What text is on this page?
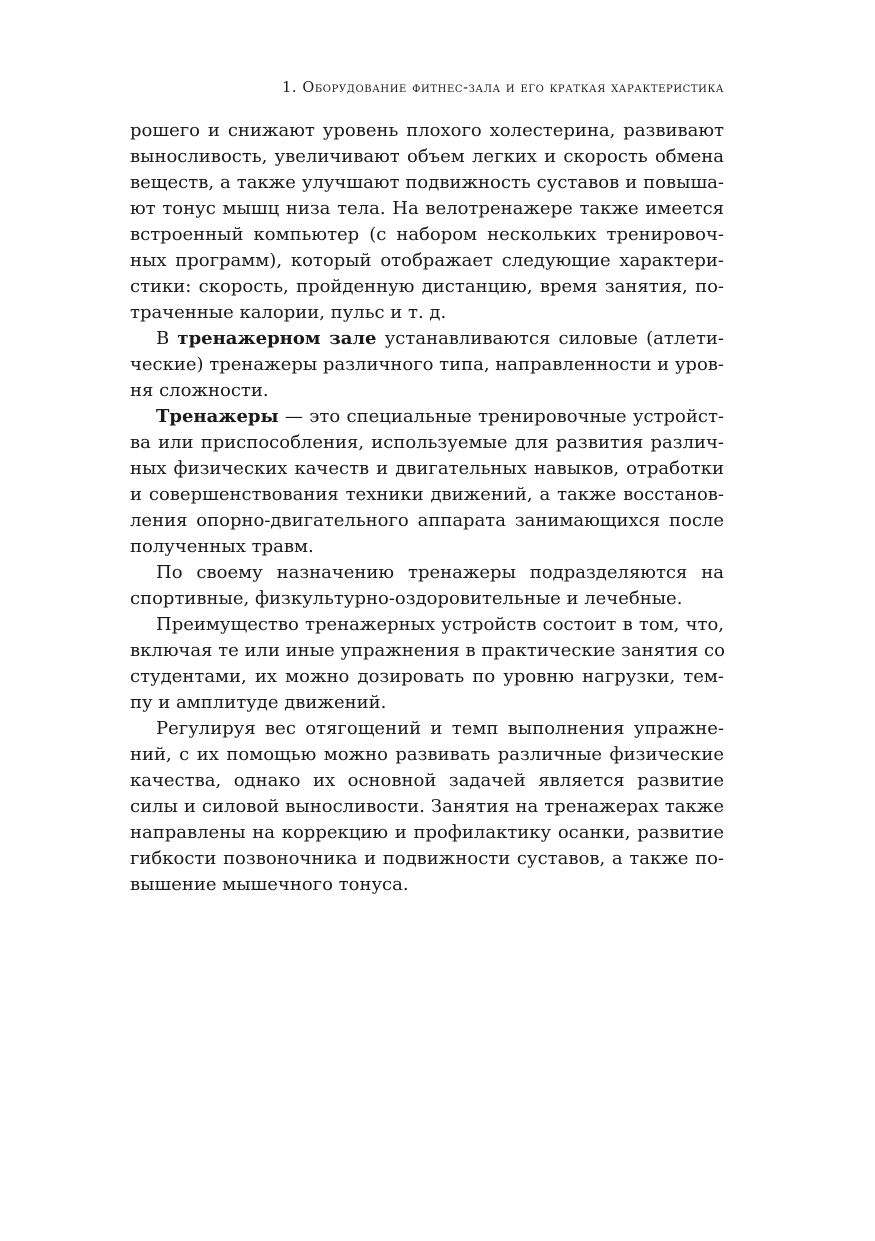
1. Оборудование фитнес-зала и его краткая характеристика
рошего и снижают уровень плохого холестерина, развивают
выносливость, увеличивают объем легких и скорость обмена
веществ, а также улучшают подвижность суставов и повыша-
ют тонус мышц низа тела. На велотренажере также имеется
встроенный компьютер (с набором нескольких тренировоч-
ных программ), который отображает следующие характери-
стики: скорость, пройденную дистанцию, время занятия, по-
траченные калории, пульс и т. д.
В тренажерном зале устанавливаются силовые (атлети-
ческие) тренажеры различного типа, направленности и уров-
ня сложности.
Тренажеры — это специальные тренировочные устройст-
ва или приспособления, используемые для развития различ-
ных физических качеств и двигательных навыков, отработки
и совершенствования техники движений, а также восстанов-
ления опорно-двигательного аппарата занимающихся после
полученных травм.
По своему назначению тренажеры подразделяются на
спортивные, физкультурно-оздоровительные и лечебные.
Преимущество тренажерных устройств состоит в том, что,
включая те или иные упражнения в практические занятия со
студентами, их можно дозировать по уровню нагрузки, тем-
пу и амплитуде движений.
Регулируя вес отягощений и темп выполнения упражне-
ний, с их помощью можно развивать различные физические
качества, однако их основной задачей является развитие
силы и силовой выносливости. Занятия на тренажерах также
направлены на коррекцию и профилактику осанки, развитие
гибкости позвоночника и подвижности суставов, а также по-
вышение мышечного тонуса.
